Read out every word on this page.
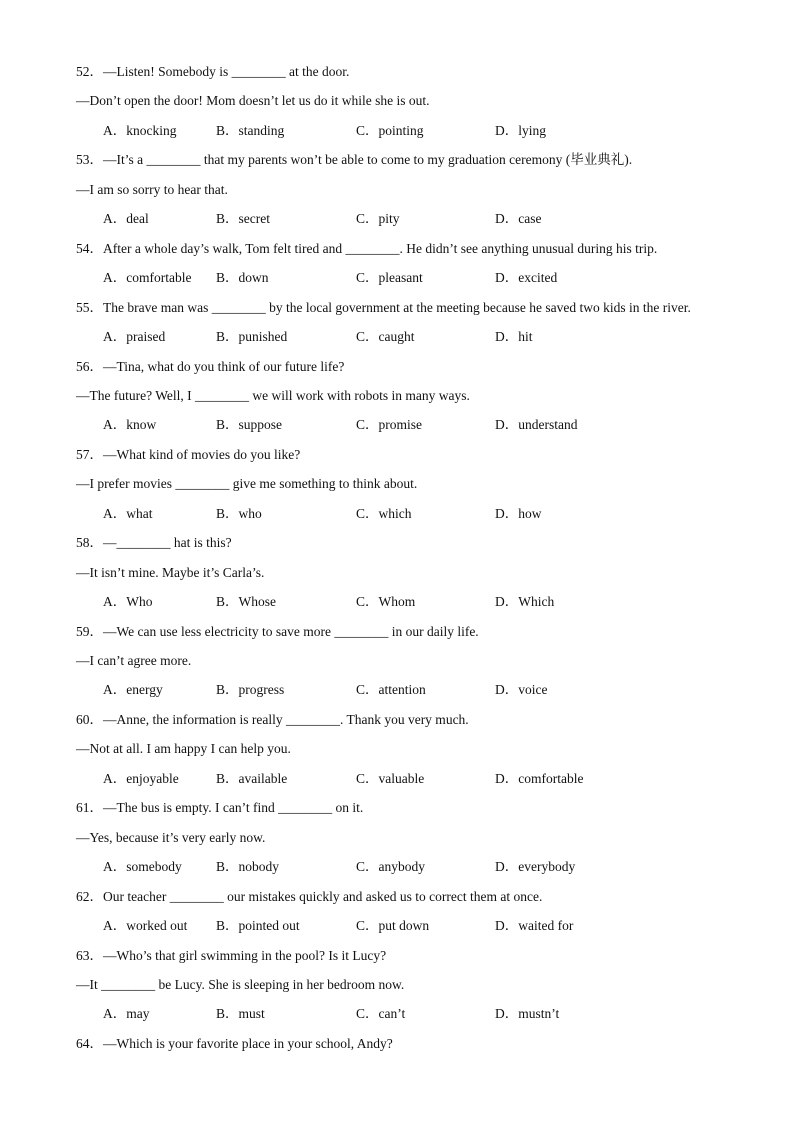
52．—Listen! Somebody is ________ at the door.
—Don’t open the door! Mom doesn’t let us do it while she is out.
A．knocking	B．standing	C．pointing	D．lying
53．—It’s a ________ that my parents won’t be able to come to my graduation ceremony (毕业典礼).
—I am so sorry to hear that.
A．deal	B．secret	C．pity	D．case
54．After a whole day’s walk, Tom felt tired and ________. He didn’t see anything unusual during his trip.
A．comfortable B．down	C．pleasant	D．excited
55．The brave man was ________ by the local government at the meeting because he saved two kids in the river.
A．praised	B．punished	C．caught	D．hit
56．—Tina, what do you think of our future life?
—The future? Well, I ________ we will work with robots in many ways.
A．know	B．suppose	C．promise	D．understand
57．—What kind of movies do you like?
—I prefer movies ________ give me something to think about.
A．what	B．who	C．which	D．how
58．—________ hat is this?
—It isn’t mine. Maybe it’s Carla’s.
A．Who	B．Whose	C．Whom	D．Which
59．—We can use less electricity to save more ________ in our daily life.
—I can’t agree more.
A．energy	B．progress	C．attention	D．voice
60．—Anne, the information is really ________. Thank you very much.
—Not at all. I am happy I can help you.
A．enjoyable	B．available	C．valuable	D．comfortable
61．—The bus is empty. I can’t find ________ on it.
—Yes, because it’s very early now.
A．somebody	B．nobody	C．anybody	D．everybody
62．Our teacher ________ our mistakes quickly and asked us to correct them at once.
A．worked out B．pointed out	C．put down	D．waited for
63．—Who’s that girl swimming in the pool? Is it Lucy?
—It ________ be Lucy. She is sleeping in her bedroom now.
A．may	B．must	C．can’t	D．mustn’t
64．—Which is your favorite place in your school, Andy?
